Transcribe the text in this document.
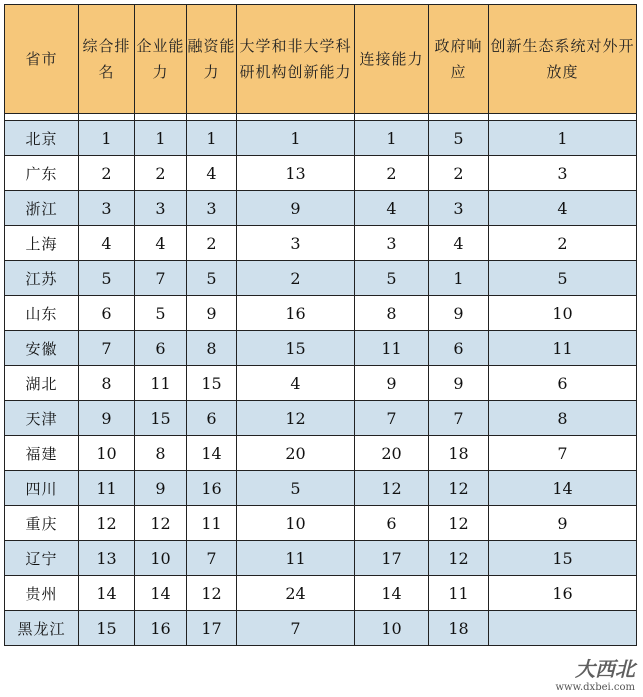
省市	综合排名	企业能力	融资能力	大学和非大学科研机构创新能力	连接能力	政府响应	创新生态系统对外开放度

北京	1	1	1	1	1	5	1
广东	2	2	4	13	2	2	3
浙江	3	3	3	9	4	3	4
上海	4	4	2	3	3	4	2
江苏	5	7	5	2	5	1	5
山东	6	5	9	16	8	9	10
安徽	7	6	8	15	11	6	11
湖北	8	11	15	4	9	9	6
天津	9	15	6	12	7	7	8
福建	10	8	14	20	20	18	7
四川	11	9	16	5	12	12	14
重庆	12	12	11	10	6	12	9
辽宁	13	10	7	11	17	12	15
贵州	14	14	12	24	14	11	16
黑龙江	15	16	17	7	10	18	
大西北
www.dxbei.com
